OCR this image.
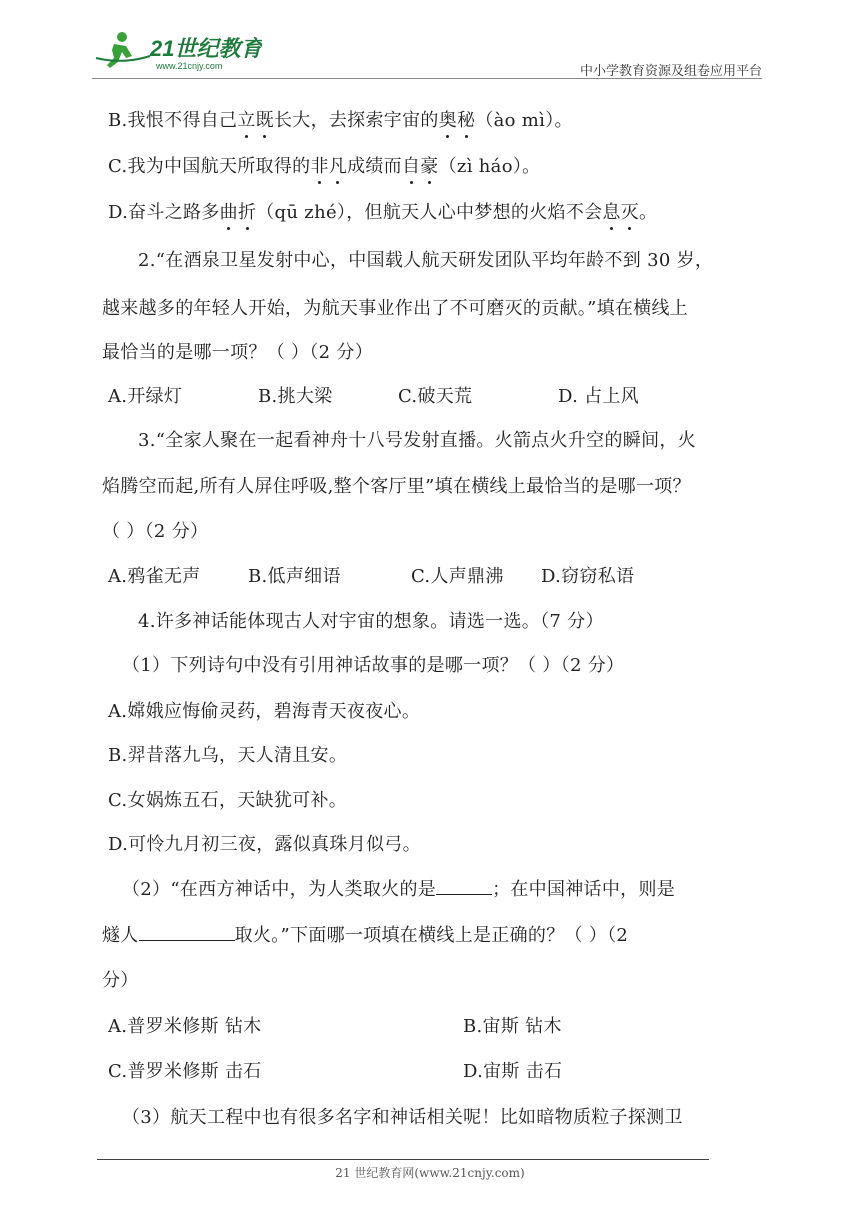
21世纪教育
www.21cnjy.com	中小学教育资源及组卷应用平台
B.我恨不得自己立既长大，去探索宇宙的奥秘（ào mì）。
C.我为中国航天所取得的非凡成绩而自豪（zì háo）。
D.奋斗之路多曲折（qū zhé），但航天人心中梦想的火焰不会息灭。
2.“在酒泉卫星发射中心，中国载人航天研发团队平均年龄不到 30 岁，
越来越多的年轻人开始，为航天事业作出了不可磨灭的贡献。”填在横线上
最恰当的是哪一项？（ ）（2 分）
A.开绿灯	B.挑大梁	C.破天荒	D. 占上风
3.“全家人聚在一起看神舟十八号发射直播。火箭点火升空的瞬间，火
焰腾空而起,所有人屏住呼吸,整个客厅里”填在横线上最恰当的是哪一项？
（ ）（2 分）
A.鸦雀无声	B.低声细语	C.人声鼎沸 D.窃窃私语
4.许多神话能体现古人对宇宙的想象。请选一选。（7 分）
（1）下列诗句中没有引用神话故事的是哪一项？（ ）（2 分）
A.嫦娥应悔偷灵药，碧海青天夜夜心。
B.羿昔落九乌，天人清且安。
C.女娲炼五石，天缺犹可补。
D.可怜九月初三夜，露似真珠月似弓。
（2）“在西方神话中，为人类取火的是	；在中国神话中，则是
燧人	取火。”下面哪一项填在横线上是正确的？（ ）（2
分）
A.普罗米修斯 钻木	B.宙斯 钻木
C.普罗米修斯 击石	D.宙斯 击石
（3）航天工程中也有很多名字和神话相关呢！比如暗物质粒子探测卫
21 世纪教育网(www.21cnjy.com)
